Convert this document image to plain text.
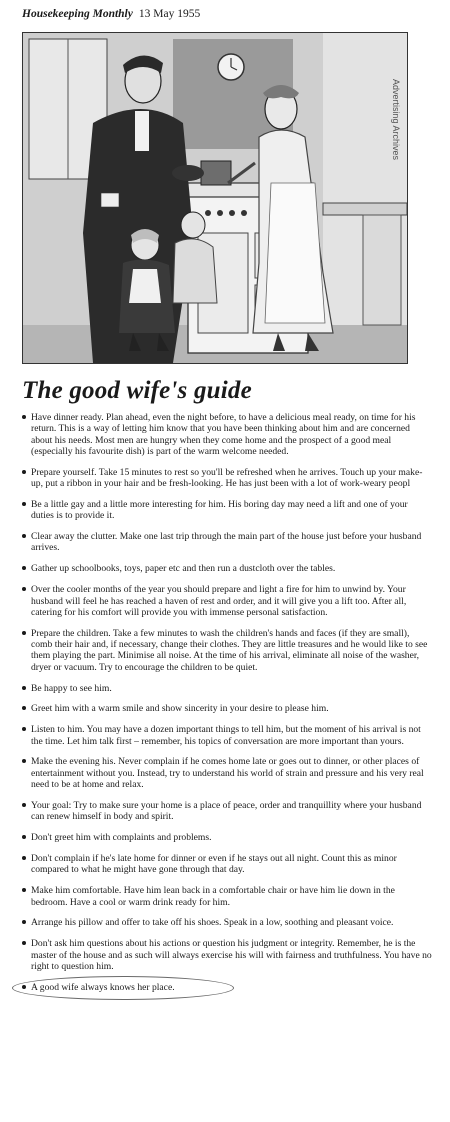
Housekeeping Monthly 13 May 1955
Advertising Archives
The good wife's guide
Have dinner ready. Plan ahead, even the night before, to have a delicious meal ready, on time for his return. This is a way of letting him know that you have been thinking about him and are concerned about his needs. Most men are hungry when they come home and the prospect of a good meal (especially his favourite dish) is part of the warm welcome needed.
Prepare yourself. Take 15 minutes to rest so you'll be refreshed when he arrives. Touch up your make-up, put a ribbon in your hair and be fresh-looking. He has just been with a lot of work-weary peopl
Be a little gay and a little more interesting for him. His boring day may need a lift and one of your duties is to provide it.
Clear away the clutter. Make one last trip through the main part of the house just before your husband arrives.
Gather up schoolbooks, toys, paper etc and then run a dustcloth over the tables.
Over the cooler months of the year you should prepare and light a fire for him to unwind by. Your husband will feel he has reached a haven of rest and order, and it will give you a lift too. After all, catering for his comfort will provide you with immense personal satisfaction.
Prepare the children. Take a few minutes to wash the children's hands and faces (if they are small), comb their hair and, if necessary, change their clothes. They are little treasures and he would like to see them playing the part. Minimise all noise. At the time of his arrival, eliminate all noise of the washer, dryer or vacuum. Try to encourage the children to be quiet.
Be happy to see him.
Greet him with a warm smile and show sincerity in your desire to please him.
Listen to him. You may have a dozen important things to tell him, but the moment of his arrival is not the time. Let him talk first – remember, his topics of conversation are more important than yours.
Make the evening his. Never complain if he comes home late or goes out to dinner, or other places of entertainment without you. Instead, try to understand his world of strain and pressure and his very real need to be at home and relax.
Your goal: Try to make sure your home is a place of peace, order and tranquillity where your husband can renew himself in body and spirit.
Don't greet him with complaints and problems.
Don't complain if he's late home for dinner or even if he stays out all night. Count this as minor compared to what he might have gone through that day.
Make him comfortable. Have him lean back in a comfortable chair or have him lie down in the bedroom. Have a cool or warm drink ready for him.
Arrange his pillow and offer to take off his shoes. Speak in a low, soothing and pleasant voice.
Don't ask him questions about his actions or question his judgment or integrity. Remember, he is the master of the house and as such will always exercise his will with fairness and truthfulness. You have no right to question him.
A good wife always knows her place.
